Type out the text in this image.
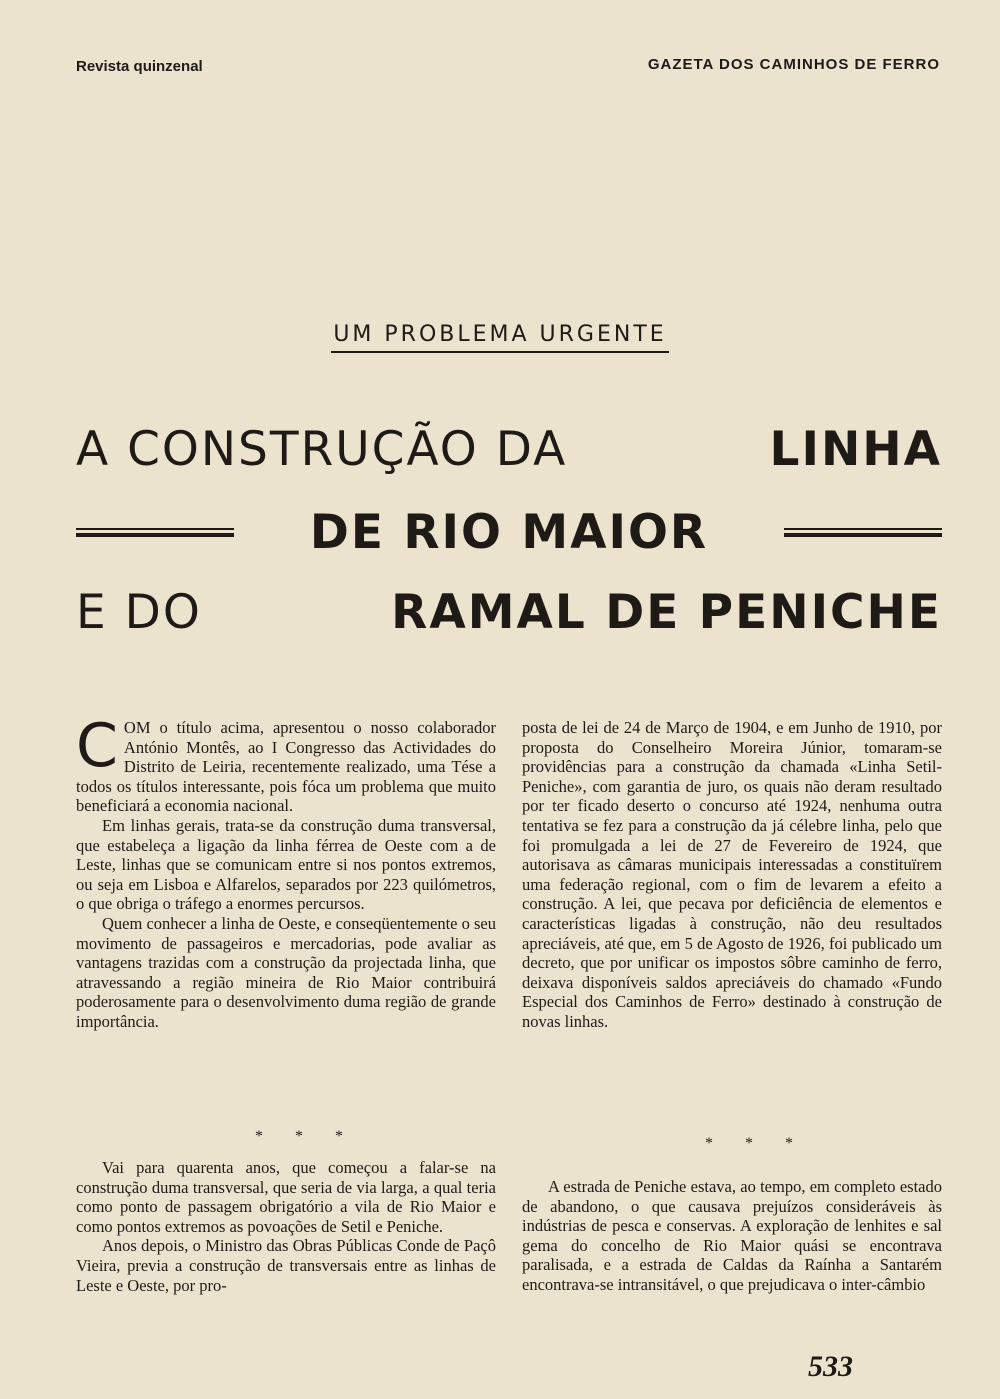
Revista quinzenal	GAZETA DOS CAMINHOS DE FERRO
UM PROBLEMA URGENTE
A CONSTRUÇÃO DA	LINHA
DE RIO MAIOR
E DO	RAMAL DE PENICHE

COM o título acima, apresentou o nosso colaborador António Montês, ao I Congresso das Actividades do Distrito de Leiria, recentemente realizado, uma Tése a todos os títulos interessante, pois fóca um problema que muito beneficiará a economia nacional.

Em linhas gerais, trata-se da construção duma transversal, que estabeleça a ligação da linha férrea de Oeste com a de Leste, linhas que se comunicam entre si nos pontos extremos, ou seja em Lisboa e Alfarelos, separados por 223 quilómetros, o que obriga o tráfego a enormes percursos.

Quem conhecer a linha de Oeste, e conseqüentemente o seu movimento de passageiros e mercadorias, pode avaliar as vantagens trazidas com a construção da projectada linha, que atravessando a região mineira de Rio Maior contribuirá poderosamente para o desenvolvimento duma região de grande importância.

* * *

Vai para quarenta anos, que começou a falar-se na construção duma transversal, que seria de via larga, a qual teria como ponto de passagem obrigatório a vila de Rio Maior e como pontos extremos as povoações de Setil e Peniche.

Anos depois, o Ministro das Obras Públicas Conde de Paçô Vieira, previa a construção de transversais entre as linhas de Leste e Oeste, por pro-

posta de lei de 24 de Março de 1904, e em Junho de 1910, por proposta do Conselheiro Moreira Júnior, tomaram-se providências para a construção da chamada «Linha Setil-Peniche», com garantia de juro, os quais não deram resultado por ter ficado deserto o concurso até 1924, nenhuma outra tentativa se fez para a construção da já célebre linha, pelo que foi promulgada a lei de 27 de Fevereiro de 1924, que autorisava as câmaras municipais interessadas a constituïrem uma federação regional, com o fim de levarem a efeito a construção. A lei, que pecava por deficiência de elementos e características ligadas à construção, não deu resultados apreciáveis, até que, em 5 de Agosto de 1926, foi publicado um decreto, que por unificar os impostos sôbre caminho de ferro, deixava disponíveis saldos apreciáveis do chamado «Fundo Especial dos Caminhos de Ferro» destinado à construção de novas linhas.

* * *

A estrada de Peniche estava, ao tempo, em completo estado de abandono, o que causava prejuízos consideráveis às indústrias de pesca e conservas. A exploração de lenhites e sal gema do concelho de Rio Maior quási se encontrava paralisada, e a estrada de Caldas da Raínha a Santarém encontrava-se intransitável, o que prejudicava o inter-câmbio

533
